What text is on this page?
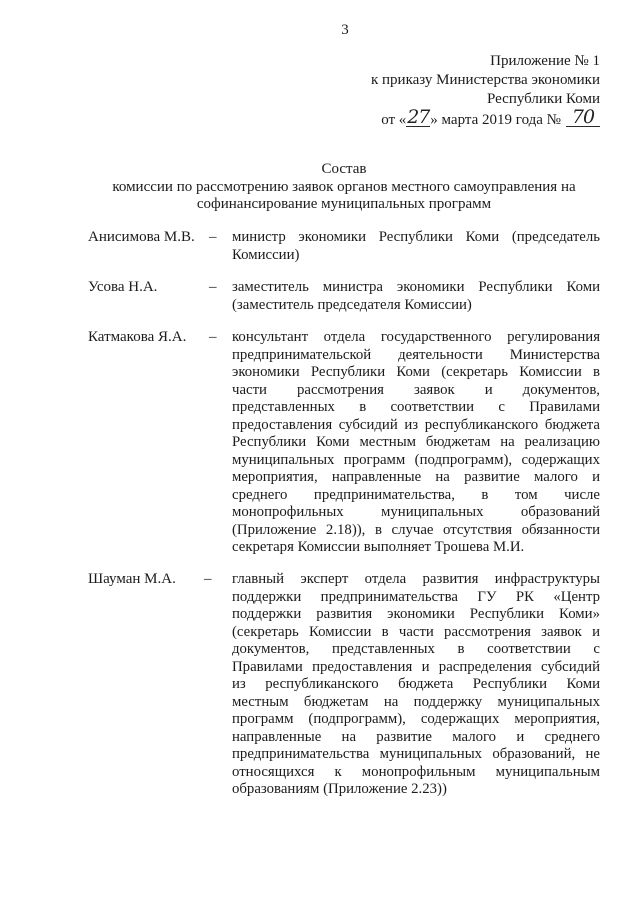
3
Приложение № 1
к приказу Министерства экономики
Республики Коми
от «27» марта 2019 года № 70
Состав
комиссии по рассмотрению заявок органов местного самоуправления на
софинансирование муниципальных программ
Анисимова М.В. – министр экономики Республики Коми (председатель
Комиссии)
Усова Н.А.	– заместитель министра экономики Республики Коми
(заместитель председателя Комиссии)
Катмакова Я.А. – консультант отдела государственного регулирования
предпринимательской деятельности Министерства
экономики Республики Коми (секретарь Комиссии в
части рассмотрения заявок и документов,
представленных в соответствии с Правилами
предоставления субсидий из республиканского бюджета
Республики Коми местным бюджетам на реализацию
муниципальных программ (подпрограмм), содержащих
мероприятия, направленные на развитие малого и
среднего предпринимательства, в том числе
монопрофильных муниципальных образований
(Приложение 2.18)), в случае отсутствия обязанности
секретаря Комиссии выполняет Трошева М.И.
Шауман М.А. – главный эксперт отдела развития инфраструктуры
поддержки предпринимательства ГУ РК «Центр
поддержки развития экономики Республики Коми»
(секретарь Комиссии в части рассмотрения заявок и
документов, представленных в соответствии с
Правилами предоставления и распределения субсидий
из республиканского бюджета Республики Коми
местным бюджетам на поддержку муниципальных
программ (подпрограмм), содержащих мероприятия,
направленные на развитие малого и среднего
предпринимательства муниципальных образований, не
относящихся к монопрофильным муниципальным
образованиям (Приложение 2.23))
